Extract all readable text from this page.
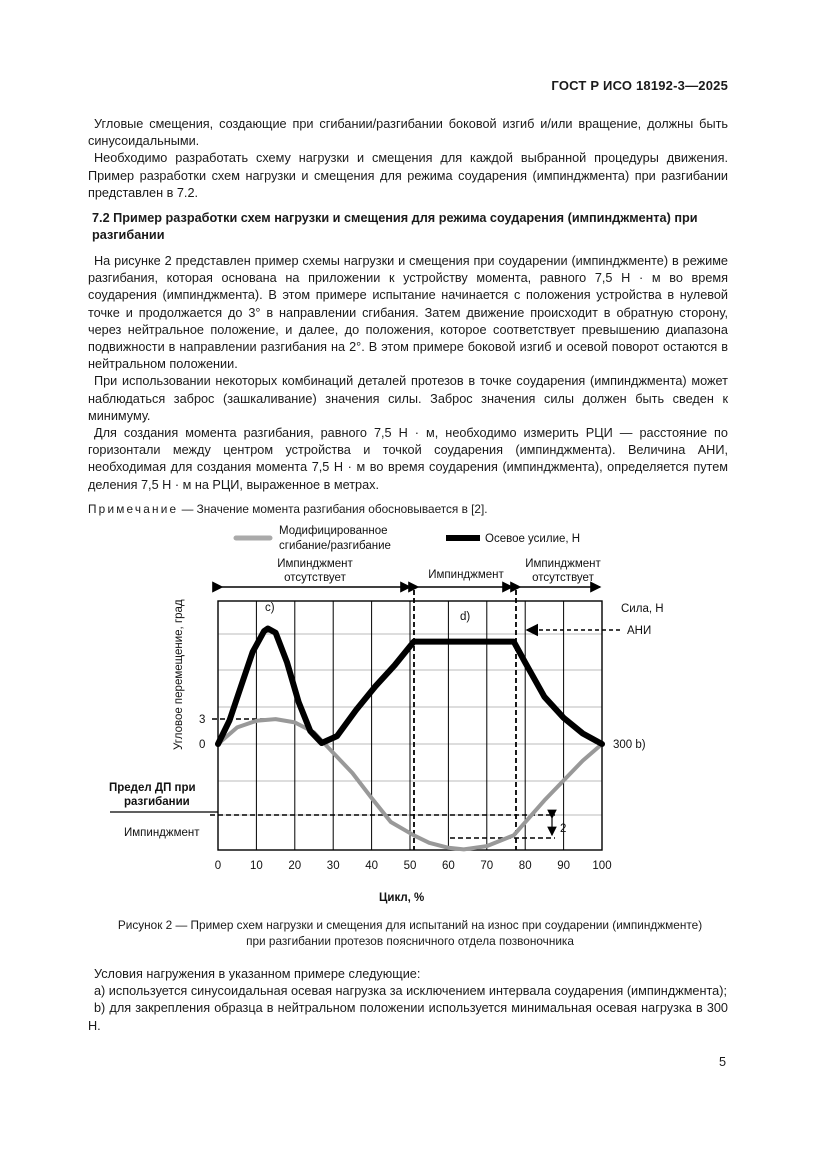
ГОСТ Р ИСО 18192-3—2025

Угловые смещения, создающие при сгибании/разгибании боковой изгиб и/или вращение, должны быть синусоидальными.

Необходимо разработать схему нагрузки и смещения для каждой выбранной процедуры движения. Пример разработки схем нагрузки и смещения для режима соударения (импинджмента) при разгибании представлен в 7.2.

7.2 Пример разработки схем нагрузки и смещения для режима соударения (импинджмента) при разгибании

На рисунке 2 представлен пример схемы нагрузки и смещения при соударении (импинджменте) в режиме разгибания, которая основана на приложении к устройству момента, равного 7,5 Н · м во время соударения (импинджмента). В этом примере испытание начинается с положения устройства в нулевой точке и продолжается до 3° в направлении сгибания. Затем движение происходит в обратную сторону, через нейтральное положение, и далее, до положения, которое соответствует превышению диапазона подвижности в направлении разгибания на 2°. В этом примере боковой изгиб и осевой поворот остаются в нейтральном положении.

При использовании некоторых комбинаций деталей протезов в точке соударения (импинджмента) может наблюдаться заброс (зашкаливание) значения силы. Заброс значения силы должен быть сведен к минимуму.

Для создания момента разгибания, равного 7,5 Н · м, необходимо измерить РЦИ — расстояние по горизонтали между центром устройства и точкой соударения (импинджмента). Величина АНИ, необходимая для создания момента 7,5 Н · м во время соударения (импинджмента), определяется путем деления 7,5 Н · м на РЦИ, выраженное в метрах.

Примечание — Значение момента разгибания обосновывается в [2].
Модифицированное
сгибание/разгибание
Осевое усилие, Н
Импинджмент
отсутствует	Импинджмент
Импинджмент
отсутствует
Угловое перемещение, град	Сила, Н
АНИ
3
0
Предел ДП при
разгибании
Импинджмент	2
c)
d)
300 b)
0	10 20 30 40 50 60 70 80 90 100
Цикл, %
Рисунок 2 — Пример схем нагрузки и смещения для испытаний на износ при соударении (импинджменте)
при разгибании протезов поясничного отдела позвоночника

Условия нагружения в указанном примере следующие:

a) используется синусоидальная осевая нагрузка за исключением интервала соударения (импинджмента);

b) для закрепления образца в нейтральном положении используется минимальная осевая нагрузка в 300 Н.

5
